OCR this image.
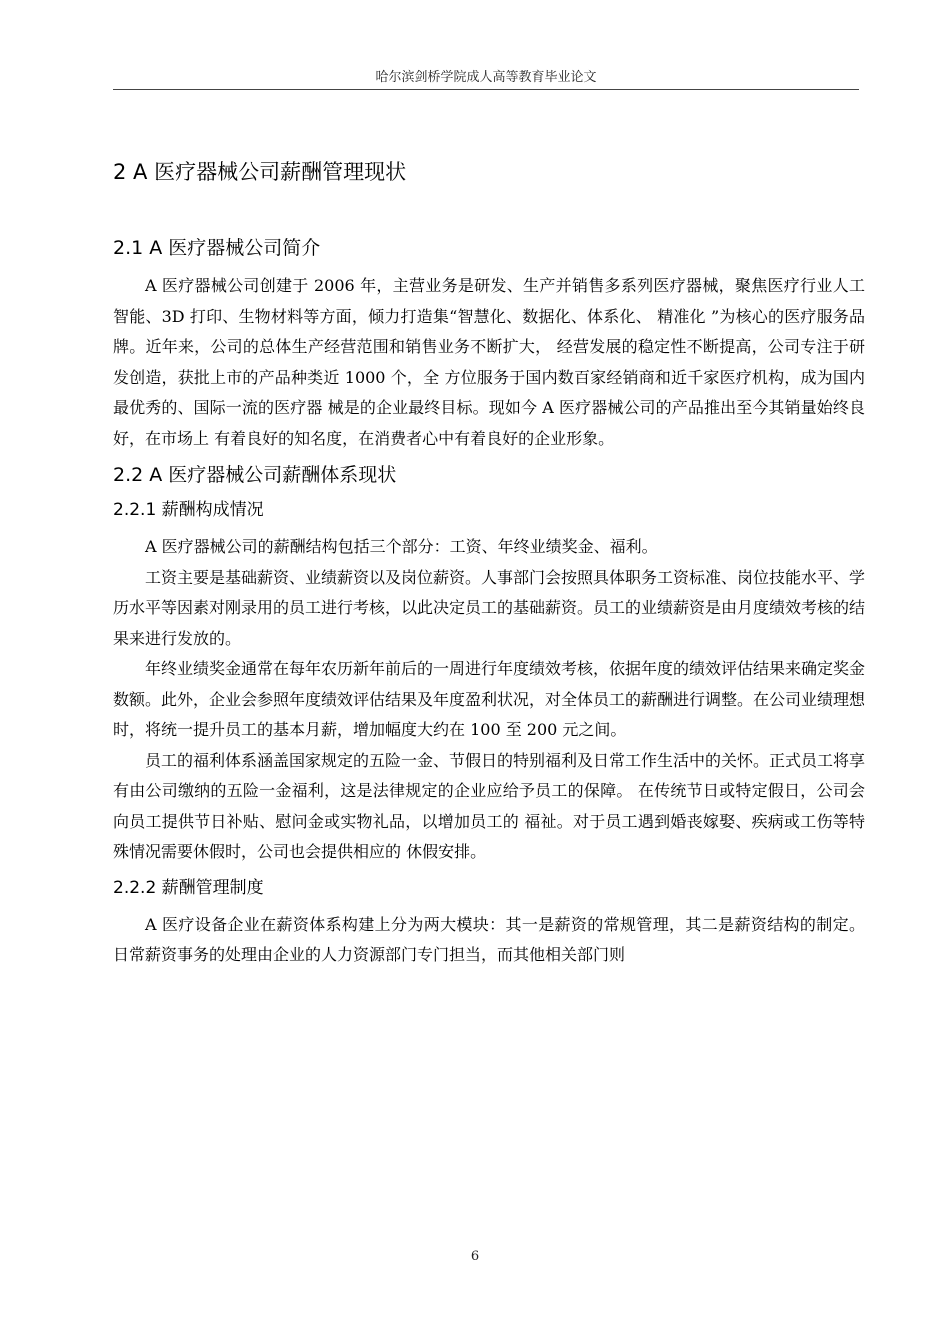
哈尔滨剑桥学院成人高等教育毕业论文
2 A 医疗器械公司薪酬管理现状
2.1 A 医疗器械公司简介

A 医疗器械公司创建于 2006 年，主营业务是研发、生产并销售多系列医疗器械，聚焦医疗行业人工智能、3D 打印、生物材料等方面，倾力打造集“智慧化、数据化、体系化、 精准化 ”为核心的医疗服务品牌。近年来，公司的总体生产经营范围和销售业务不断扩大， 经营发展的稳定性不断提高，公司专注于研发创造，获批上市的产品种类近 1000 个，全 方位服务于国内数百家经销商和近千家医疗机构，成为国内最优秀的、国际一流的医疗器 械是的企业最终目标。现如今 A 医疗器械公司的产品推出至今其销量始终良好，在市场上 有着良好的知名度，在消费者心中有着良好的企业形象。

2.2 A 医疗器械公司薪酬体系现状
2.2.1 薪酬构成情况

A 医疗器械公司的薪酬结构包括三个部分：工资、年终业绩奖金、福利。

工资主要是基础薪资、业绩薪资以及岗位薪资。人事部门会按照具体职务工资标准、岗位技能水平、学历水平等因素对刚录用的员工进行考核，以此决定员工的基础薪资。员工的业绩薪资是由月度绩效考核的结果来进行发放的。

年终业绩奖金通常在每年农历新年前后的一周进行年度绩效考核，依据年度的绩效评估结果来确定奖金数额。此外，企业会参照年度绩效评估结果及年度盈利状况，对全体员工的薪酬进行调整。在公司业绩理想时，将统一提升员工的基本月薪，增加幅度大约在 100 至 200 元之间。

员工的福利体系涵盖国家规定的五险一金、节假日的特别福利及日常工作生活中的关怀。正式员工将享有由公司缴纳的五险一金福利，这是法律规定的企业应给予员工的保障。 在传统节日或特定假日，公司会向员工提供节日补贴、慰问金或实物礼品，以增加员工的 福祉。对于员工遇到婚丧嫁娶、疾病或工伤等特殊情况需要休假时，公司也会提供相应的 休假安排。

2.2.2 薪酬管理制度

A 医疗设备企业在薪资体系构建上分为两大模块：其一是薪资的常规管理，其二是薪资结构的制定。 日常薪资事务的处理由企业的人力资源部门专门担当，而其他相关部门则

6
